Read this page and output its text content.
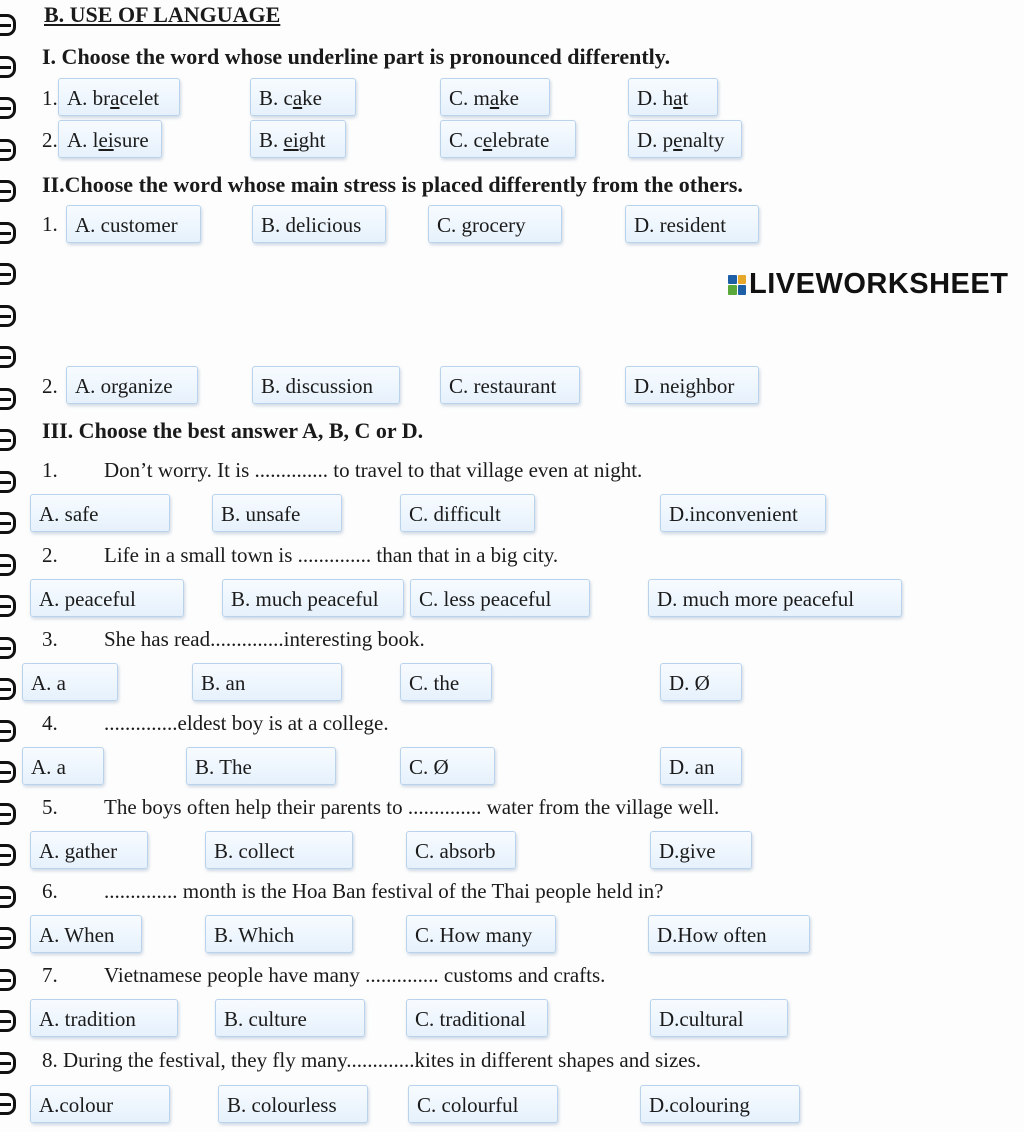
B. USE OF LANGUAGE
I. Choose the word whose underline part is pronounced differently.
1. A. bracelet	B. cake	C. make	D. hat
2. A. leisure	B. eight	C. celebrate	D. penalty
II.Choose the word whose main stress is placed differently from the others.
1. A. customer	B. delicious	C. grocery	D. resident
LIVEWORKSHEET
2. A. organize	B. discussion	C. restaurant	D. neighbor
III. Choose the best answer A, B, C or D.
1. Don’t worry. It is .............. to travel to that village even at night.
A. safe	B. unsafe	C. difficult	D.inconvenient
2. Life in a small town is .............. than that in a big city.
A. peaceful	B. much peaceful	C. less peaceful	D. much more peaceful
3. She has read..............interesting book.
A. a	B. an	C. the	D. Ø
4. ..............eldest boy is at a college.
A. a	B. The	C. Ø	D. an
5. The boys often help their parents to .............. water from the village well.
A. gather	B. collect	C. absorb	D.give
6. .............. month is the Hoa Ban festival of the Thai people held in?
A. When	B. Which	C. How many	D.How often
7. Vietnamese people have many .............. customs and crafts.
A. tradition	B. culture	C. traditional	D.cultural
8. During the festival, they fly many.............kites in different shapes and sizes.
A.colour	B. colourless	C. colourful	D.colouring
